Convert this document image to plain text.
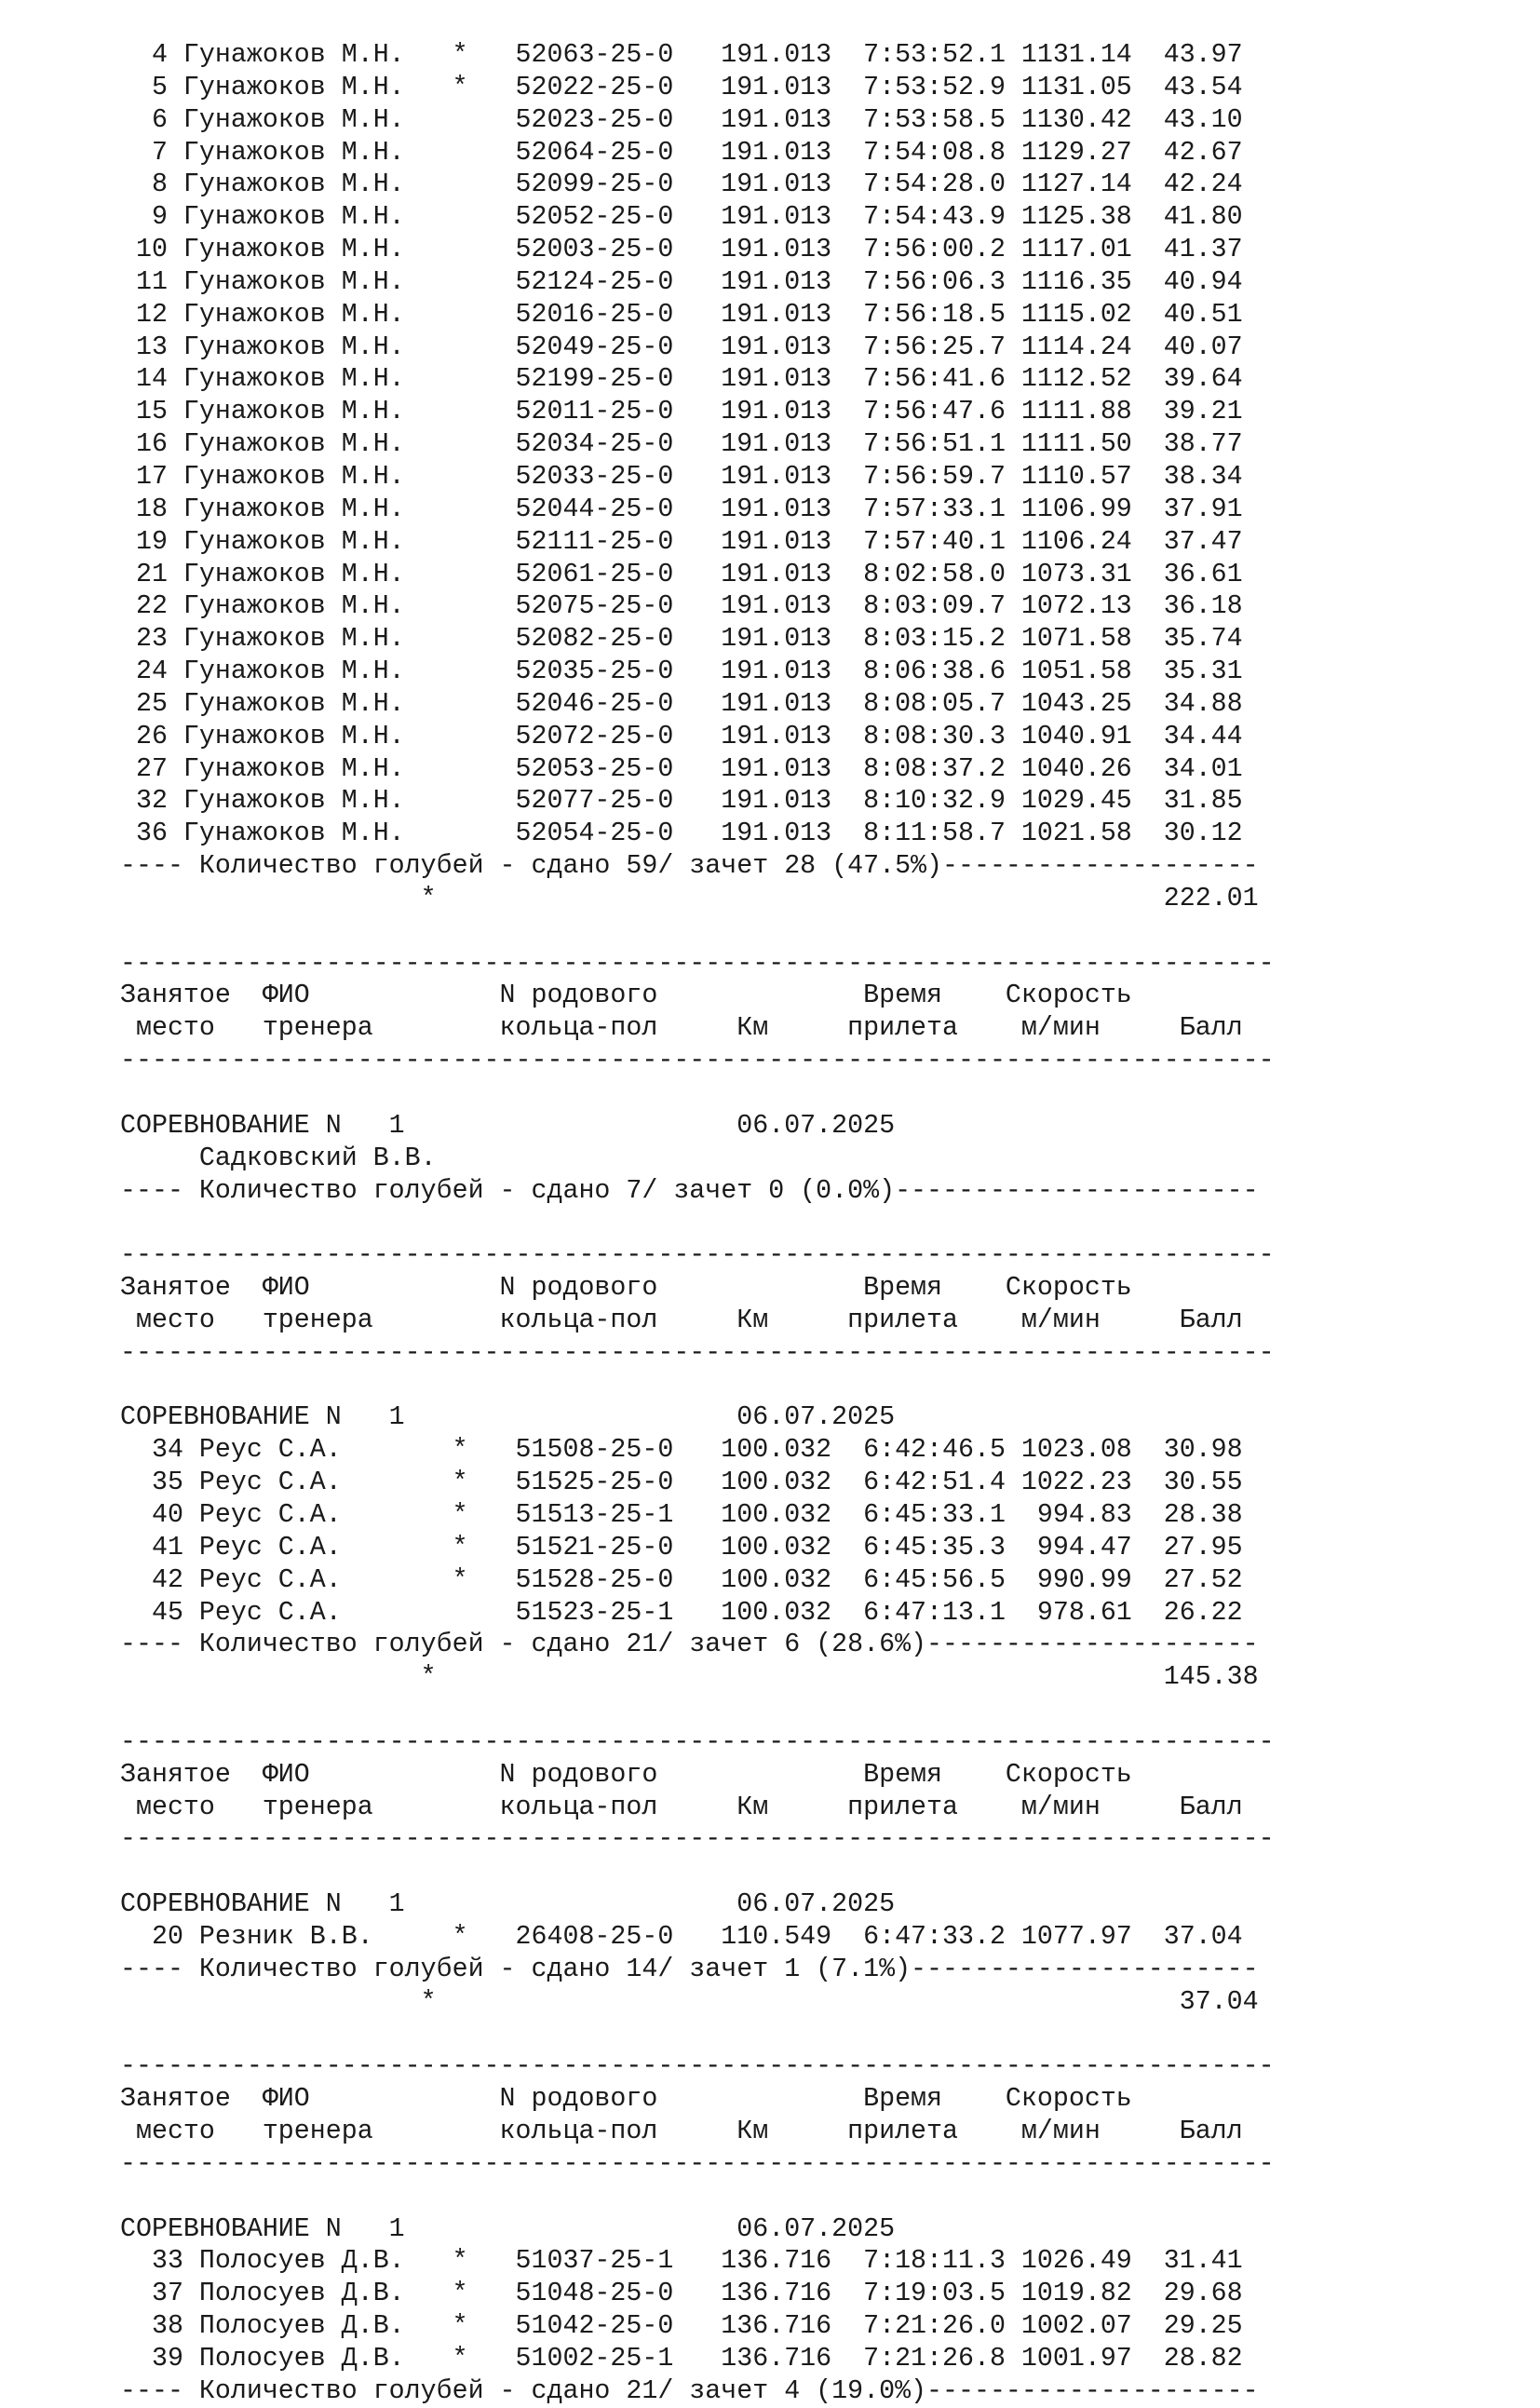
4 Гунажоков М.Н.   *   52063-25-0   191.013  7:53:52.1 1131.14  43.97
5 Гунажоков М.Н.   *   52022-25-0   191.013  7:53:52.9 1131.05  43.54
6 Гунажоков М.Н.       52023-25-0   191.013  7:53:58.5 1130.42  43.10
7 Гунажоков М.Н.       52064-25-0   191.013  7:54:08.8 1129.27  42.67
8 Гунажоков М.Н.       52099-25-0   191.013  7:54:28.0 1127.14  42.24
9 Гунажоков М.Н.       52052-25-0   191.013  7:54:43.9 1125.38  41.80
10 Гунажоков М.Н.       52003-25-0   191.013  7:56:00.2 1117.01  41.37
11 Гунажоков М.Н.       52124-25-0   191.013  7:56:06.3 1116.35  40.94
12 Гунажоков М.Н.       52016-25-0   191.013  7:56:18.5 1115.02  40.51
13 Гунажоков М.Н.       52049-25-0   191.013  7:56:25.7 1114.24  40.07
14 Гунажоков М.Н.       52199-25-0   191.013  7:56:41.6 1112.52  39.64
15 Гунажоков М.Н.       52011-25-0   191.013  7:56:47.6 1111.88  39.21
16 Гунажоков М.Н.       52034-25-0   191.013  7:56:51.1 1111.50  38.77
17 Гунажоков М.Н.       52033-25-0   191.013  7:56:59.7 1110.57  38.34
18 Гунажоков М.Н.       52044-25-0   191.013  7:57:33.1 1106.99  37.91
19 Гунажоков М.Н.       52111-25-0   191.013  7:57:40.1 1106.24  37.47
21 Гунажоков М.Н.       52061-25-0   191.013  8:02:58.0 1073.31  36.61
22 Гунажоков М.Н.       52075-25-0   191.013  8:03:09.7 1072.13  36.18
23 Гунажоков М.Н.       52082-25-0   191.013  8:03:15.2 1071.58  35.74
24 Гунажоков М.Н.       52035-25-0   191.013  8:06:38.6 1051.58  35.31
25 Гунажоков М.Н.       52046-25-0   191.013  8:08:05.7 1043.25  34.88
26 Гунажоков М.Н.       52072-25-0   191.013  8:08:30.3 1040.91  34.44
27 Гунажоков М.Н.       52053-25-0   191.013  8:08:37.2 1040.26  34.01
32 Гунажоков М.Н.       52077-25-0   191.013  8:10:32.9 1029.45  31.85
36 Гунажоков М.Н.       52054-25-0   191.013  8:11:58.7 1021.58  30.12
---- Количество голубей - сдано 59/ зачет 28 (47.5%)--------------------
*                                              222.01
-------------------------------------------------------------------------
Занятое  ФИО            N родового             Время    Скорость
место   тренера        кольца-пол     Км     прилета    м/мин     Балл
-------------------------------------------------------------------------
СОРЕВНОВАНИЕ N   1                     06.07.2025
Садковский В.В.
---- Количество голубей - сдано 7/ зачет 0 (0.0%)-----------------------
-------------------------------------------------------------------------
Занятое  ФИО            N родового             Время    Скорость
место   тренера        кольца-пол     Км     прилета    м/мин     Балл
-------------------------------------------------------------------------
СОРЕВНОВАНИЕ N   1                     06.07.2025
34 Реус С.А.       *   51508-25-0   100.032  6:42:46.5 1023.08  30.98
35 Реус С.А.       *   51525-25-0   100.032  6:42:51.4 1022.23  30.55
40 Реус С.А.       *   51513-25-1   100.032  6:45:33.1  994.83  28.38
41 Реус С.А.       *   51521-25-0   100.032  6:45:35.3  994.47  27.95
42 Реус С.А.       *   51528-25-0   100.032  6:45:56.5  990.99  27.52
45 Реус С.А.           51523-25-1   100.032  6:47:13.1  978.61  26.22
---- Количество голубей - сдано 21/ зачет 6 (28.6%)---------------------
*                                              145.38
-------------------------------------------------------------------------
Занятое  ФИО            N родового             Время    Скорость
место   тренера        кольца-пол     Км     прилета    м/мин     Балл
-------------------------------------------------------------------------
СОРЕВНОВАНИЕ N   1                     06.07.2025
20 Резник В.В.     *   26408-25-0   110.549  6:47:33.2 1077.97  37.04
---- Количество голубей - сдано 14/ зачет 1 (7.1%)----------------------
*                                               37.04
-------------------------------------------------------------------------
Занятое  ФИО            N родового             Время    Скорость
место   тренера        кольца-пол     Км     прилета    м/мин     Балл
-------------------------------------------------------------------------
СОРЕВНОВАНИЕ N   1                     06.07.2025
33 Полосуев Д.В.   *   51037-25-1   136.716  7:18:11.3 1026.49  31.41
37 Полосуев Д.В.   *   51048-25-0   136.716  7:19:03.5 1019.82  29.68
38 Полосуев Д.В.   *   51042-25-0   136.716  7:21:26.0 1002.07  29.25
39 Полосуев Д.В.   *   51002-25-1   136.716  7:21:26.8 1001.97  28.82
---- Количество голубей - сдано 21/ зачет 4 (19.0%)---------------------
